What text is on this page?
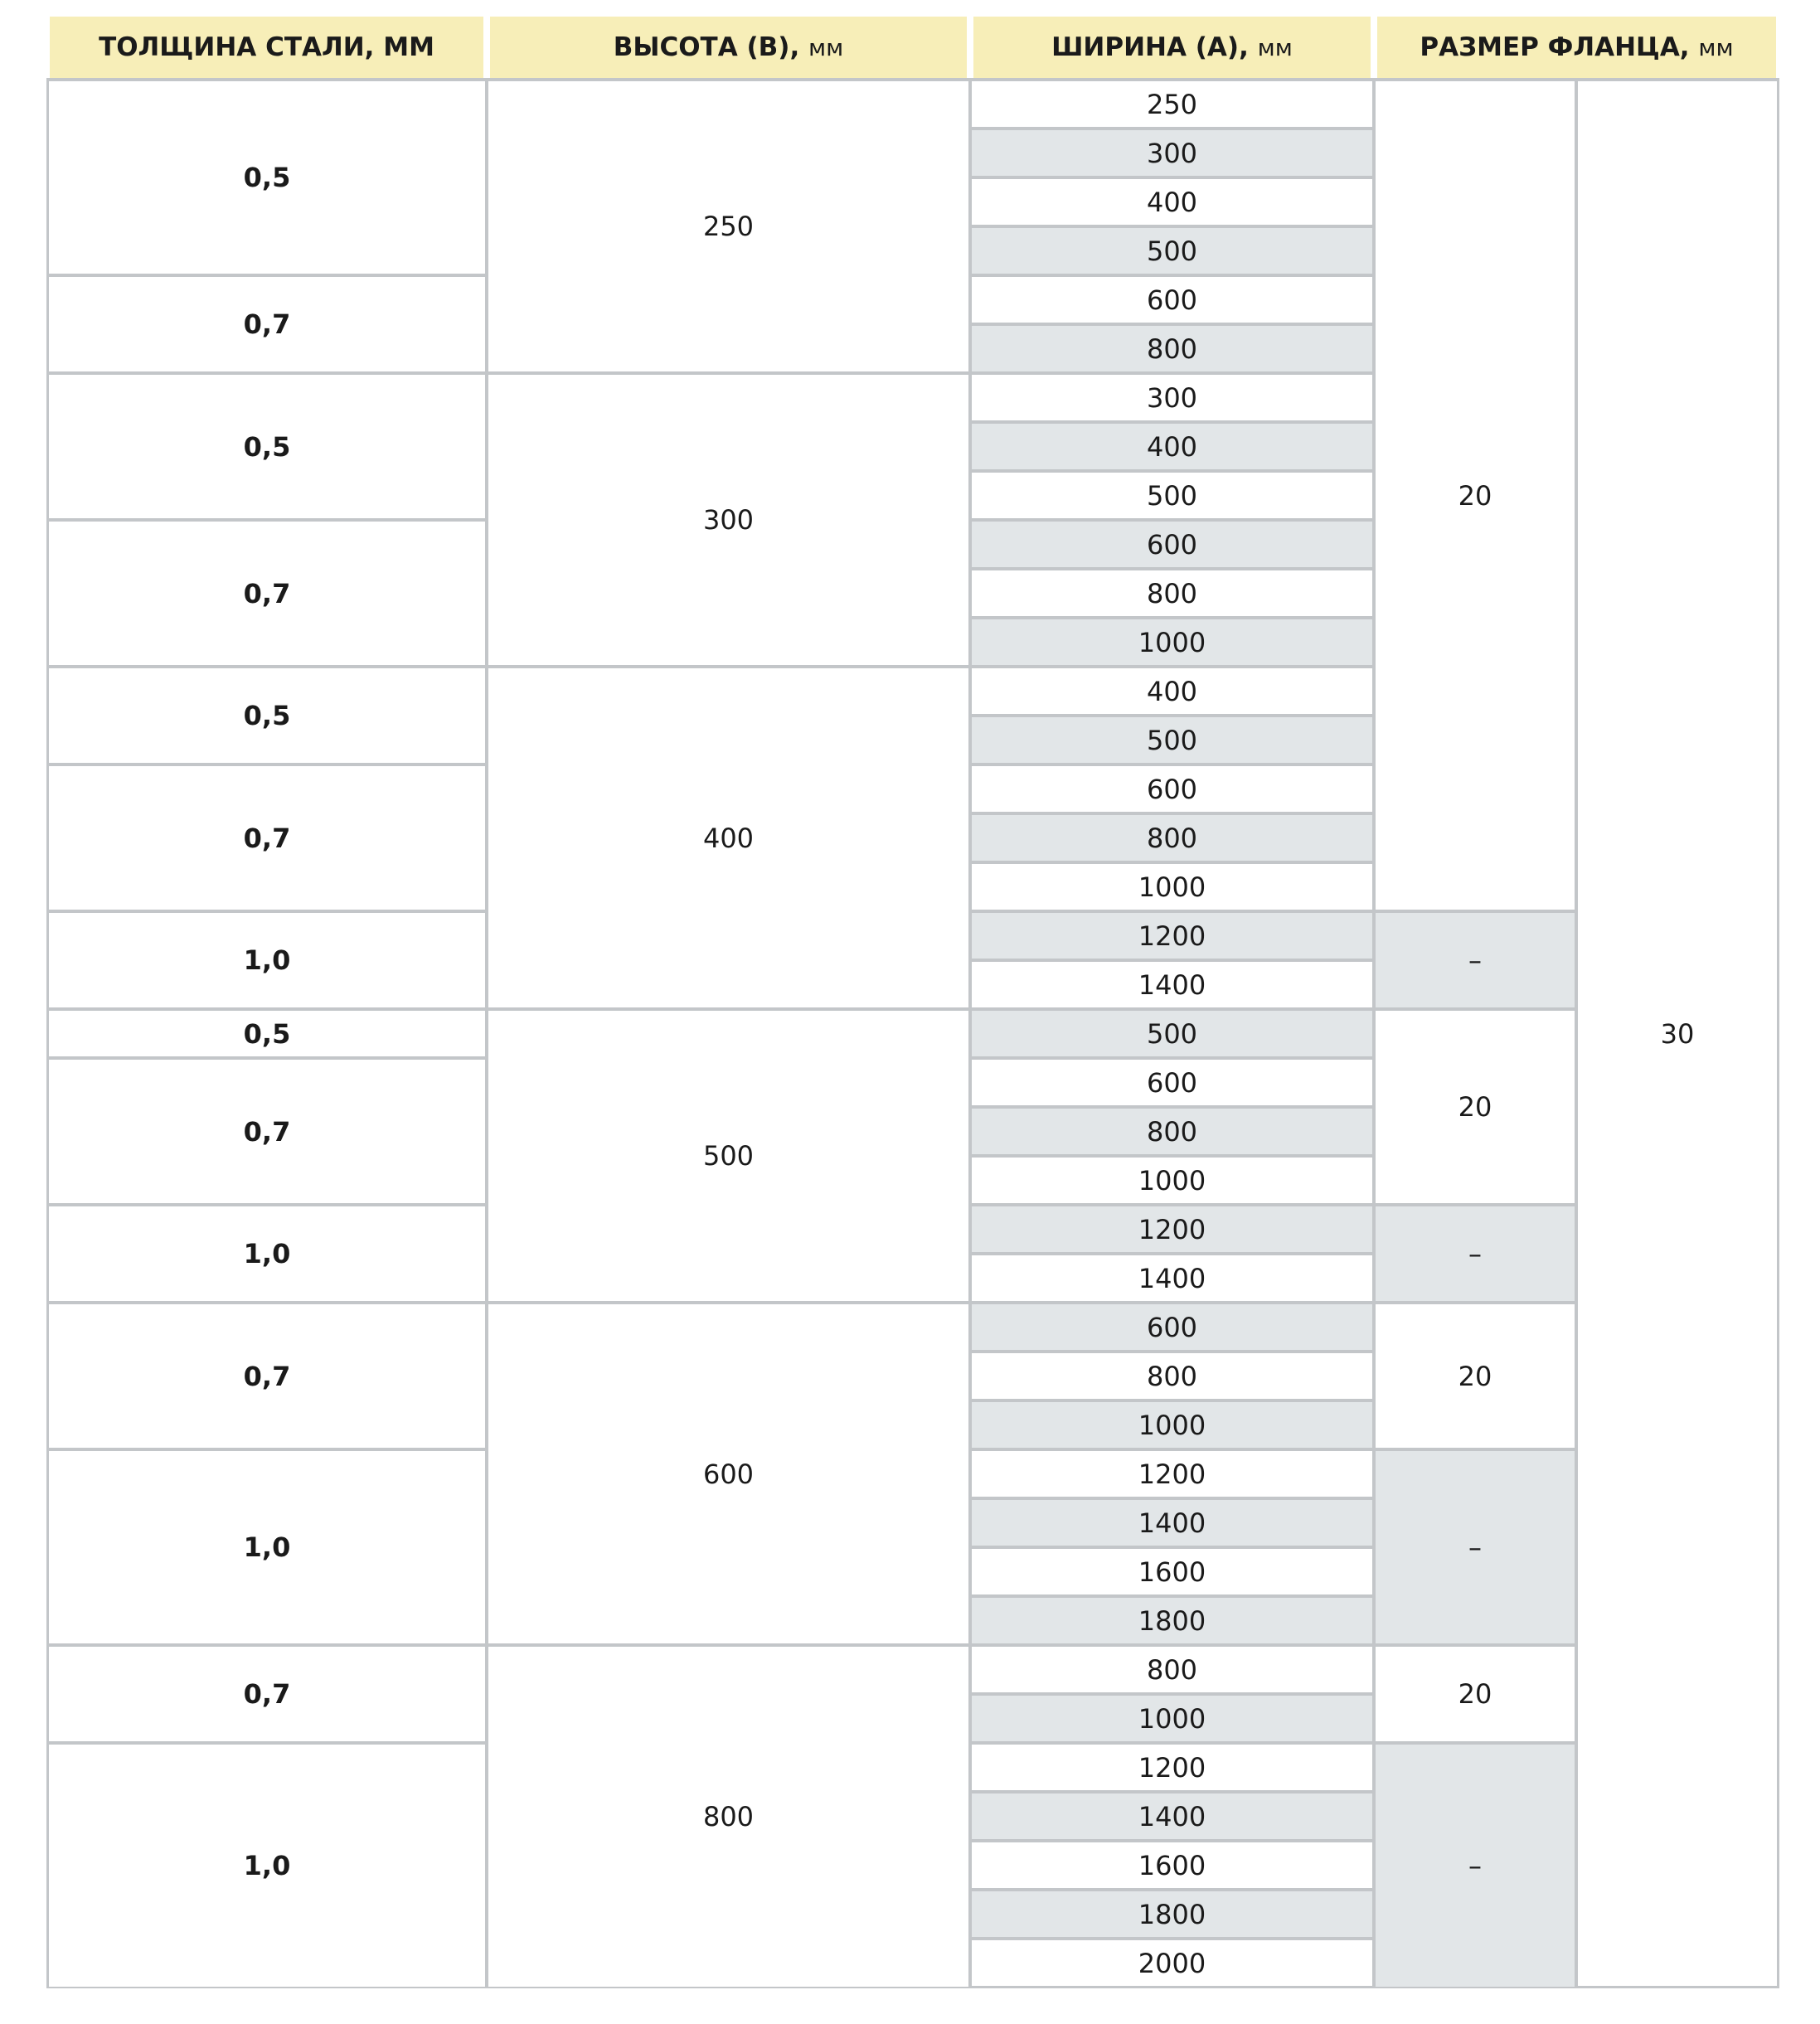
ТОЛЩИНА СТАЛИ, ММ	ВЫСОТА (В), мм	ШИРИНА (А), мм	РАЗМЕР ФЛАНЦА, мм	
0,5	250	250	20	30
		300		
		400		
		500		
0,7		600		
		800		
0,5	300	300		
		400		
		500		
0,7		600		
		800		
		1000		
0,5	400	400		
		500		
0,7		600		
		800		
		1000		
1,0		1200	–	
		1400		
0,5	500	500	20	
0,7		600		
		800		
		1000		
1,0		1200	–	
		1400		
0,7	600	600	20	
		800		
		1000		
1,0		1200	–	
		1400		
		1600		
		1800		
0,7	800	800	20	
		1000		
1,0		1200	–	
		1400		
		1600		
		1800		
		2000		
